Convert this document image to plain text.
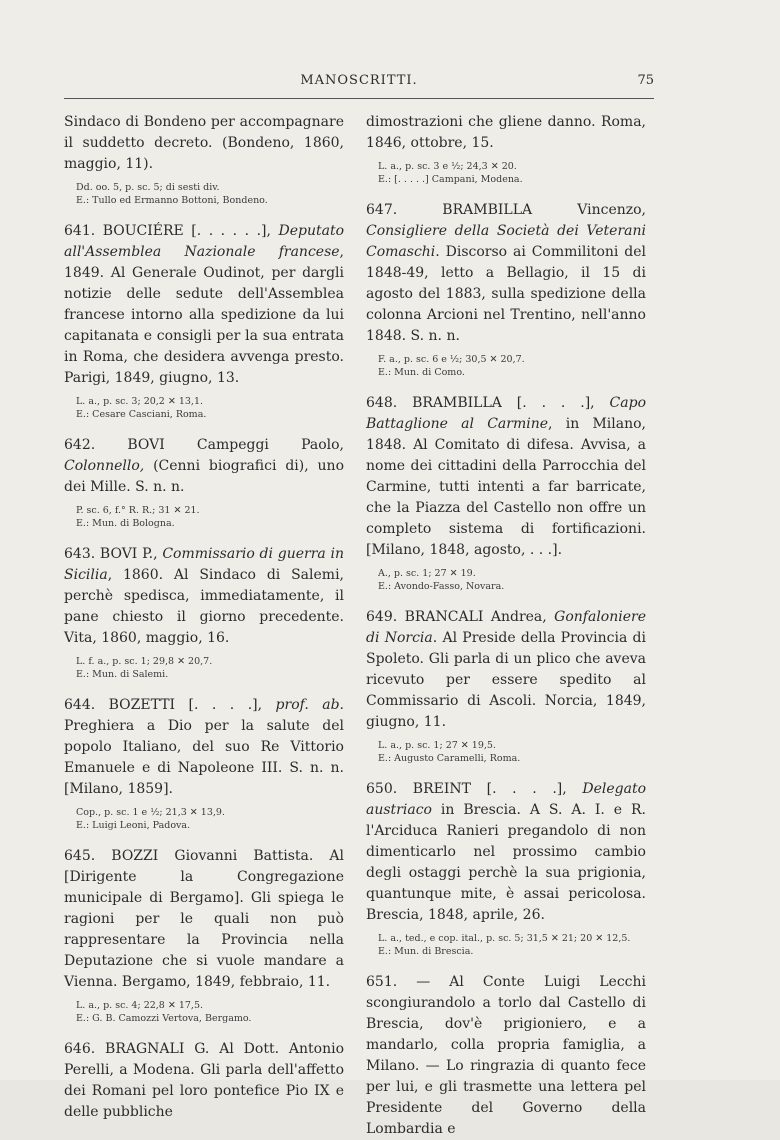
MANOSCRITTI.	75

Sindaco di Bondeno per accompagnare il suddetto decreto. (Bondeno, 1860, maggio, 11).

Dd. oo. 5, p. sc. 5; di sesti div.
E.: Tullo ed Ermanno Bottoni, Bondeno.

641. BOUCIÉRE [. . . . . .], Deputato all'Assemblea Nazionale francese, 1849. Al Generale Oudinot, per dargli notizie delle sedute dell'Assemblea francese intorno alla spedizione da lui capitanata e consigli per la sua entrata in Roma, che desidera avvenga presto. Parigi, 1849, giugno, 13.

L. a., p. sc. 3; 20,2 ✕ 13,1.
E.: Cesare Casciani, Roma.

642. BOVI Campeggi Paolo, Colonnello, (Cenni biografici di), uno dei Mille. S. n. n.

P. sc. 6, f.° R. R.; 31 ✕ 21.
E.: Mun. di Bologna.

643. BOVI P., Commissario di guerra in Sicilia, 1860. Al Sindaco di Salemi, perchè spedisca, immediatamente, il pane chiesto il giorno precedente. Vita, 1860, maggio, 16.

L. f. a., p. sc. 1; 29,8 ✕ 20,7.
E.: Mun. di Salemi.

644. BOZETTI [. . . .], prof. ab. Preghiera a Dio per la salute del popolo Italiano, del suo Re Vittorio Emanuele e di Napoleone III. S. n. n. [Milano, 1859].

Cop., p. sc. 1 e ½; 21,3 ✕ 13,9.
E.: Luigi Leoni, Padova.

645. BOZZI Giovanni Battista. Al [Dirigente la Congregazione municipale di Bergamo]. Gli spiega le ragioni per le quali non può rappresentare la Provincia nella Deputazione che si vuole mandare a Vienna. Bergamo, 1849, febbraio, 11.

L. a., p. sc. 4; 22,8 ✕ 17,5.
E.: G. B. Camozzi Vertova, Bergamo.

646. BRAGNALI G. Al Dott. Antonio Perelli, a Modena. Gli parla dell'affetto dei Romani pel loro pontefice Pio IX e delle pubbliche

dimostrazioni che gliene danno. Roma, 1846, ottobre, 15.

L. a., p. sc. 3 e ½; 24,3 ✕ 20.
E.: [. . . . .] Campani, Modena.

647. BRAMBILLA Vincenzo, Consigliere della Società dei Veterani Comaschi. Discorso ai Commilitoni del 1848-49, letto a Bellagio, il 15 di agosto del 1883, sulla spedizione della colonna Arcioni nel Trentino, nell'anno 1848. S. n. n.

F. a., p. sc. 6 e ½; 30,5 ✕ 20,7.
E.: Mun. di Como.

648. BRAMBILLA [. . . .], Capo Battaglione al Carmine, in Milano, 1848. Al Comitato di difesa. Avvisa, a nome dei cittadini della Parrocchia del Carmine, tutti intenti a far barricate, che la Piazza del Castello non offre un completo sistema di fortificazioni. [Milano, 1848, agosto, . . .].

A., p. sc. 1; 27 ✕ 19.
E.: Avondo-Fasso, Novara.

649. BRANCALI Andrea, Gonfaloniere di Norcia. Al Preside della Provincia di Spoleto. Gli parla di un plico che aveva ricevuto per essere spedito al Commissario di Ascoli. Norcia, 1849, giugno, 11.

L. a., p. sc. 1; 27 ✕ 19,5.
E.: Augusto Caramelli, Roma.

650. BREINT [. . . .], Delegato austriaco in Brescia. A S. A. I. e R. l'Arciduca Ranieri pregandolo di non dimenticarlo nel prossimo cambio degli ostaggi perchè la sua prigionia, quantunque mite, è assai pericolosa. Brescia, 1848, aprile, 26.

L. a., ted., e cop. ital., p. sc. 5; 31,5 ✕ 21; 20 ✕ 12,5.
E.: Mun. di Brescia.

651. — Al Conte Luigi Lecchi scongiurandolo a torlo dal Castello di Brescia, dov'è prigioniero, e a mandarlo, colla propria famiglia, a Milano. — Lo ringrazia di quanto fece per lui, e gli trasmette una lettera pel Presidente del Governo della Lombardia e
